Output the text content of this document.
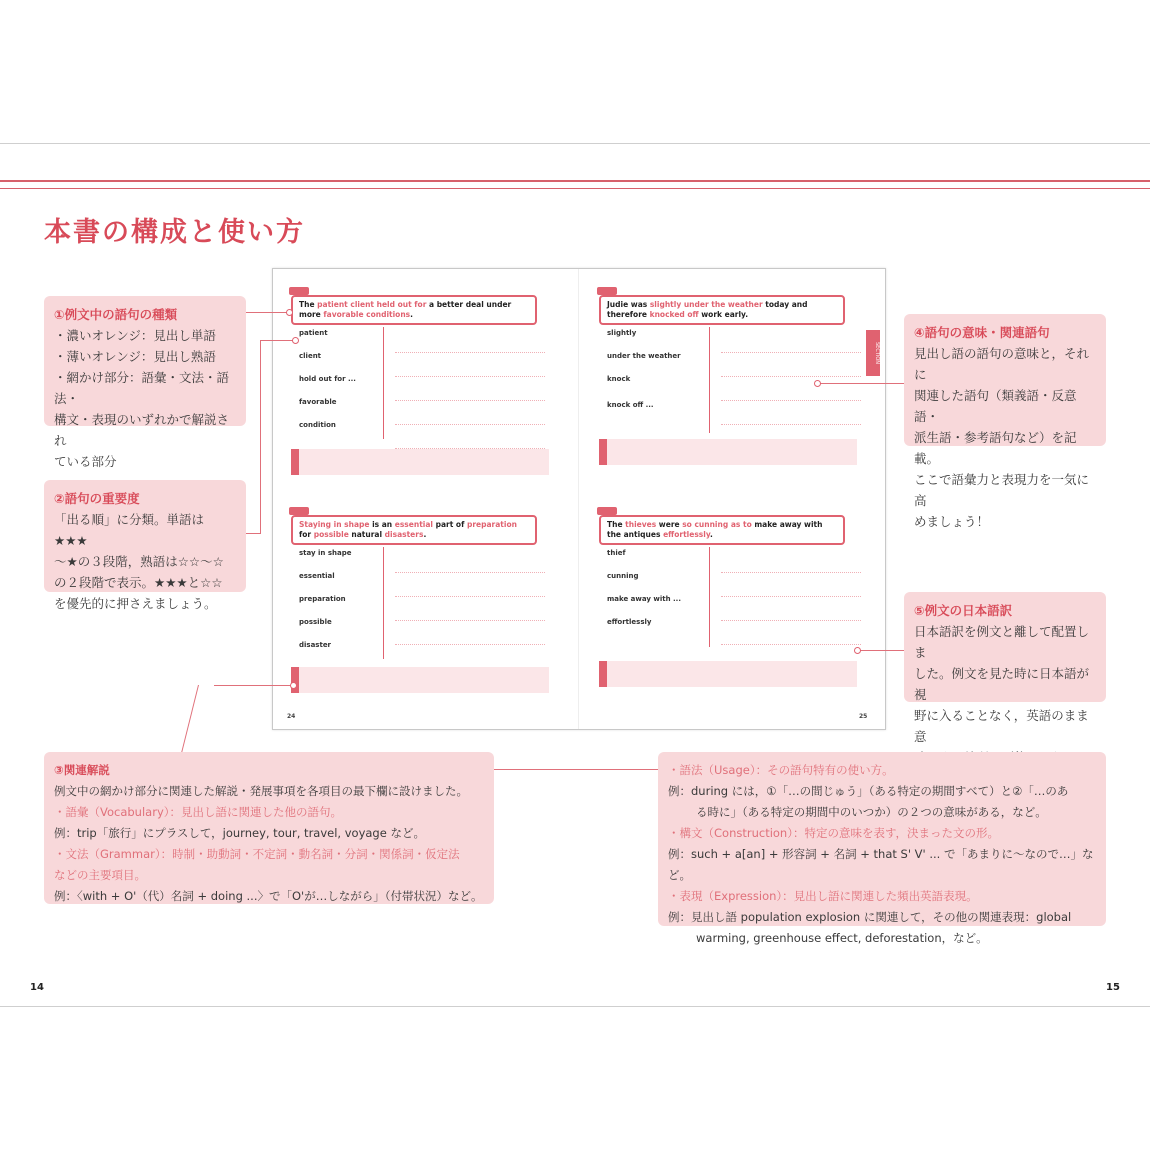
本書の構成と使い方
The patient client held out for a better deal under more favorable conditions.
patient
client
hold out for ...
favorable
condition
Judie was slightly under the weather today and therefore knocked off work early.
slightly
under the weather
knock
knock off ...
Staying in shape is an essential part of preparation for possible natural disasters.
stay in shape
essential
preparation
possible
disaster
The thieves were so cunning as to make away with the antiques effortlessly.
thief
cunning
make away with ...
effortlessly
24	25
SECTION
①例文中の語句の種類
・濃いオレンジ：見出し単語
・薄いオレンジ：見出し熟語
・網かけ部分：語彙・文法・語法・
構文・表現のいずれかで解説され
ている部分
②語句の重要度
「出る順」に分類。単語は★★★
〜★の３段階，熟語は☆☆〜☆
の２段階で表示。★★★と☆☆
を優先的に押さえましょう。
④語句の意味・関連語句
見出し語の語句の意味と，それに
関連した語句（類義語・反意語・
派生語・参考語句など）を記載。
ここで語彙力と表現力を一気に高
めましょう！
⑤例文の日本語訳
日本語訳を例文と離して配置しま
した。例文を見た時に日本語が視
野に入ることなく，英語のまま意
③関連解説
例文中の網かけ部分に関連した解説・発展事項を各項目の最下欄に設けました。
・語彙（Vocabulary）：見出し語に関連した他の語句。
例：trip「旅行」にプラスして，journey, tour, travel, voyage など。
・文法（Grammar）：時制・助動詞・不定詞・動名詞・分詞・関係詞・仮定法
などの主要項目。
例：〈with + O'（代）名詞 + doing ...〉で「O'が…しながら」（付帯状況）など。
・語法（Usage）：その語句特有の使い方。
例：during には，①「…の間じゅう」（ある特定の期間すべて）と②「…のあ
る時に」（ある特定の期間中のいつか）の２つの意味がある，など。
・構文（Construction）：特定の意味を表す，決まった文の形。
例：such + a[an] + 形容詞 + 名詞 + that S' V' ... で「あまりに〜なので…」など。
・表現（Expression）：見出し語に関連した頻出英語表現。
例：見出し語 population explosion に関連して，その他の関連表現：global
warming, greenhouse effect, deforestation，など。
14	15
